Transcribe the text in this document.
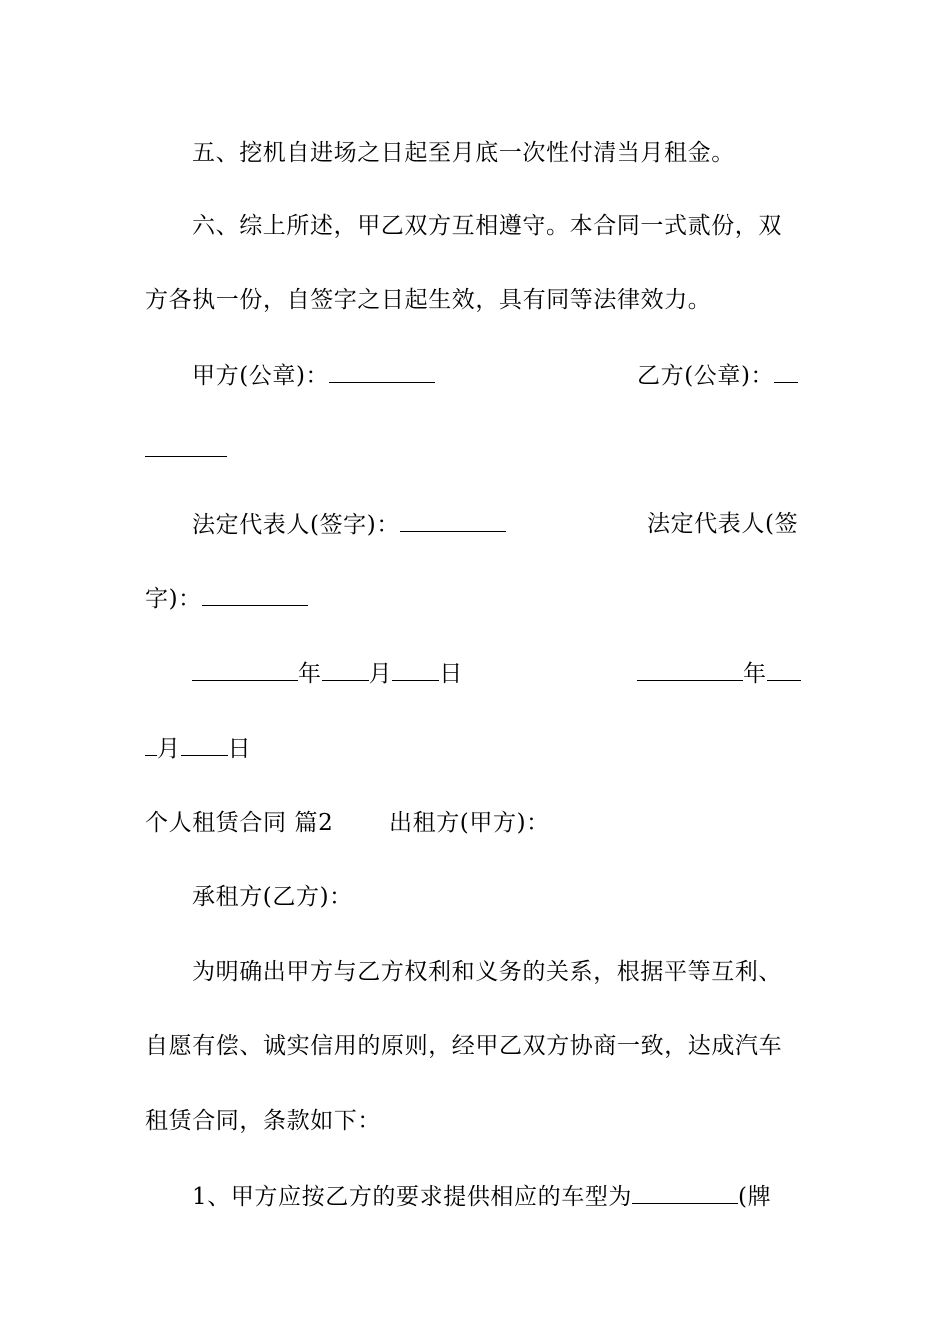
五、挖机自进场之日起至月底一次性付清当月租金。
六、综上所述，甲乙双方互相遵守。本合同一式贰份，双
方各执一份，自签字之日起生效，具有同等法律效力。
甲方(公章)：	乙方(公章)：
法定代表人(签字)：	法定代表人(签
字)：
年 月 日	年
月 日
个人租赁合同 篇2 出租方(甲方)：
承租方(乙方)：
为明确出甲方与乙方权利和义务的关系，根据平等互利、
自愿有偿、诚实信用的原则，经甲乙双方协商一致，达成汽车
租赁合同，条款如下：
1、甲方应按乙方的要求提供相应的车型为	(牌
